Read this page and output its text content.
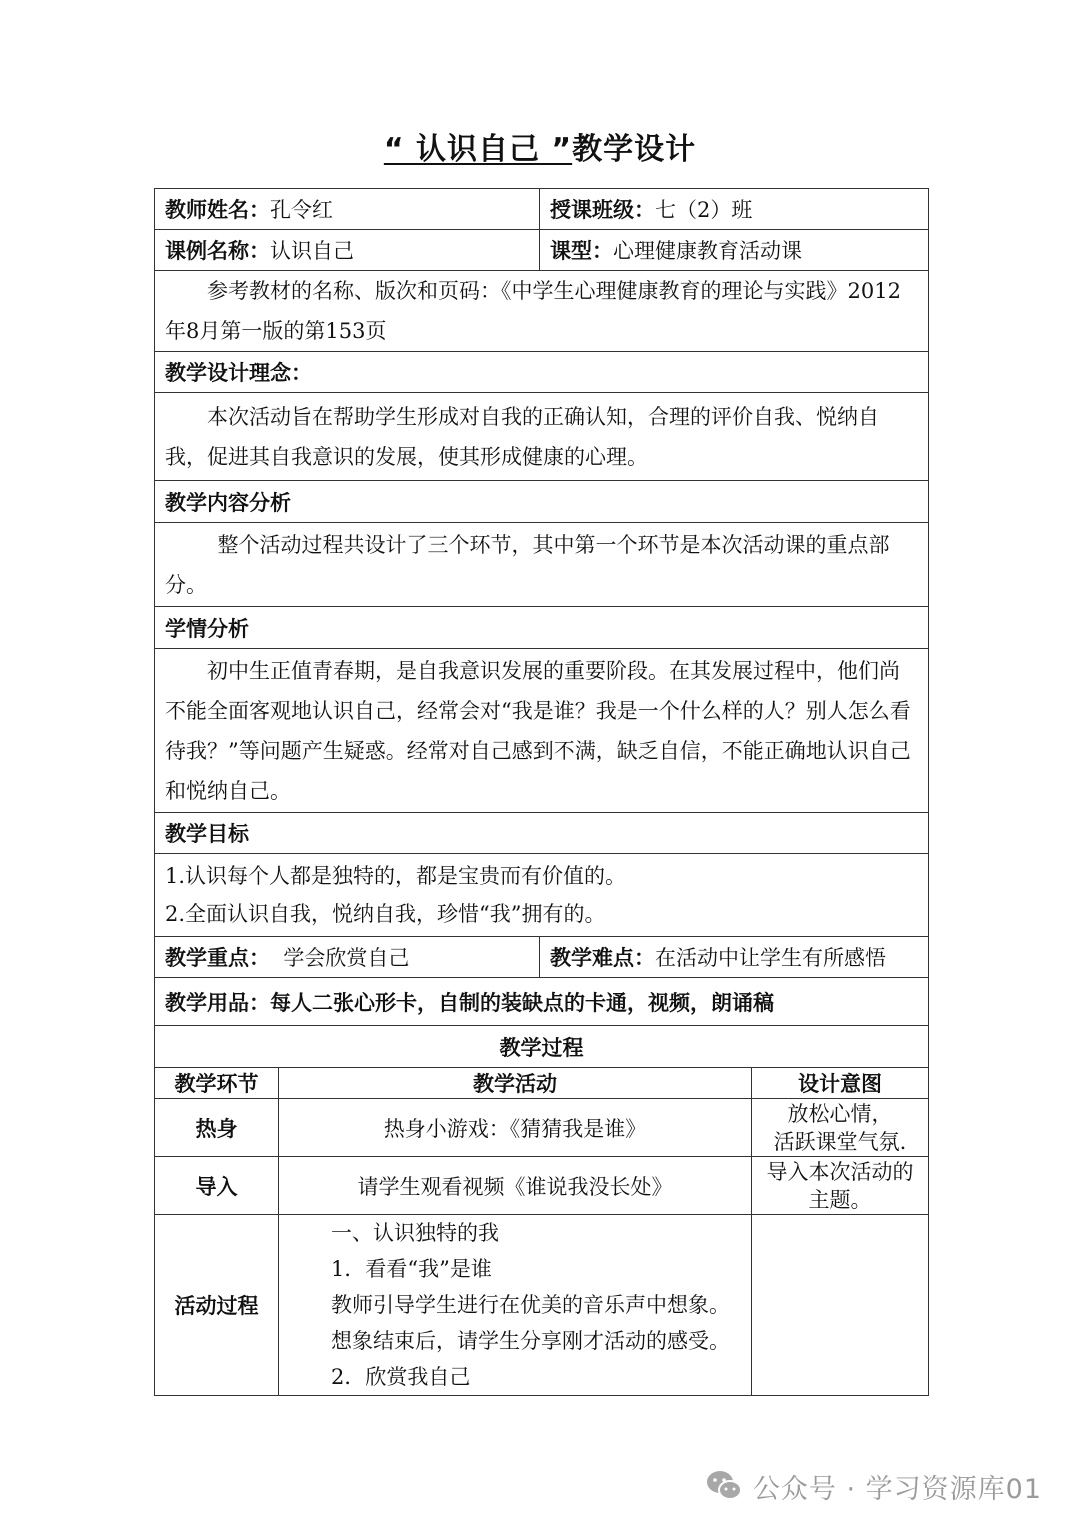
“ 认识自己 ”教学设计
教师姓名：孔令红		授课班级：七（2）班	
课例名称：认识自己		课型：心理健康教育活动课	
参考教材的名称、版次和页码：《中学生心理健康教育的理论与实践》2012年8月第一版的第153页			
教学设计理念：			
本次活动旨在帮助学生形成对自我的正确认知，合理的评价自我、悦纳自我，促进其自我意识的发展，使其形成健康的心理。			
教学内容分析			
整个活动过程共设计了三个环节，其中第一个环节是本次活动课的重点部分。			
学情分析			
初中生正值青春期，是自我意识发展的重要阶段。在其发展过程中，他们尚不能全面客观地认识自己，经常会对“我是谁？我是一个什么样的人？别人怎么看待我？”等问题产生疑惑。经常对自己感到不满，缺乏自信，不能正确地认识自己和悦纳自己。			
教学目标			

1.认识每个人都是独特的，都是宝贵而有价值的。
2.全面认识自我，悦纳自我，珍惜“我”拥有的。			

教学重点： 学会欣赏自己		教学难点：在活动中让学生有所感悟	
教学用品：每人二张心形卡，自制的装缺点的卡通，视频，朗诵稿			
教学过程			
教学环节	教学活动		设计意图
热身	热身小游戏：《猜猜我是谁》		放松心情，
活跃课堂气氛.

导入	请学生观看视频《谁说我没长处》		导入本次活动的
主题。

活动过程	一、认识独特的我
1．看看“我”是谁
教师引导学生进行在优美的音乐声中想象。
想象结束后，请学生分享刚才活动的感受。
2．欣赏我自己		

公众号 · 学习资源库01
